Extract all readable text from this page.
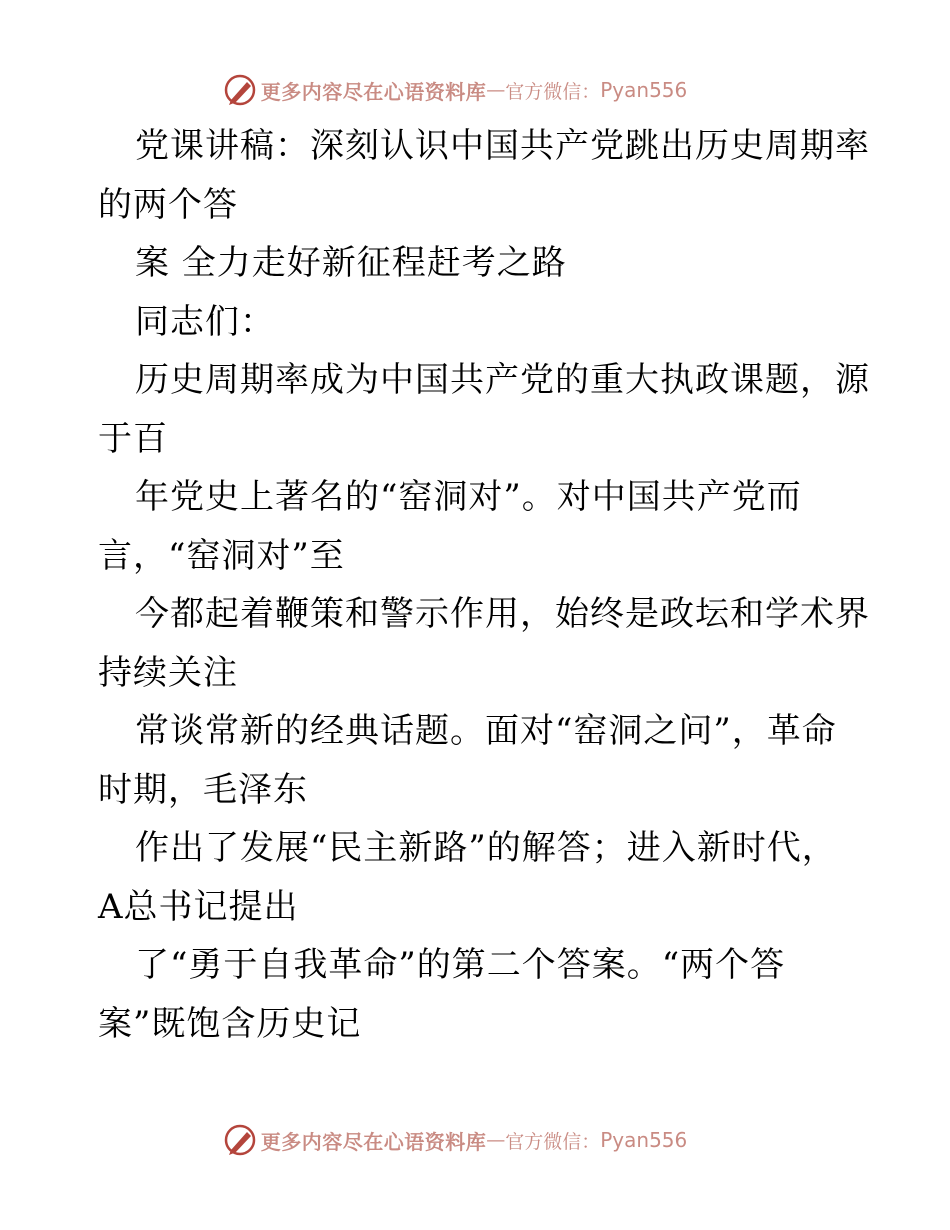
更多内容尽在心语资料库 — 官方微信： Pyan556
党课讲稿：深刻认识中国共产党跳出历史周期率
的两个答
案 全力走好新征程赶考之路
同志们：
历史周期率成为中国共产党的重大执政课题，源
于百
年党史上著名的“窑洞对”。对中国共产党而
言，“窑洞对”至
今都起着鞭策和警示作用，始终是政坛和学术界
持续关注
常谈常新的经典话题。面对“窑洞之问”，革命
时期，毛泽东
作出了发展“民主新路”的解答；进入新时代，
A总书记提出
了“勇于自我革命”的第二个答案。“两个答
案”既饱含历史记
更多内容尽在心语资料库 — 官方微信： Pyan556
